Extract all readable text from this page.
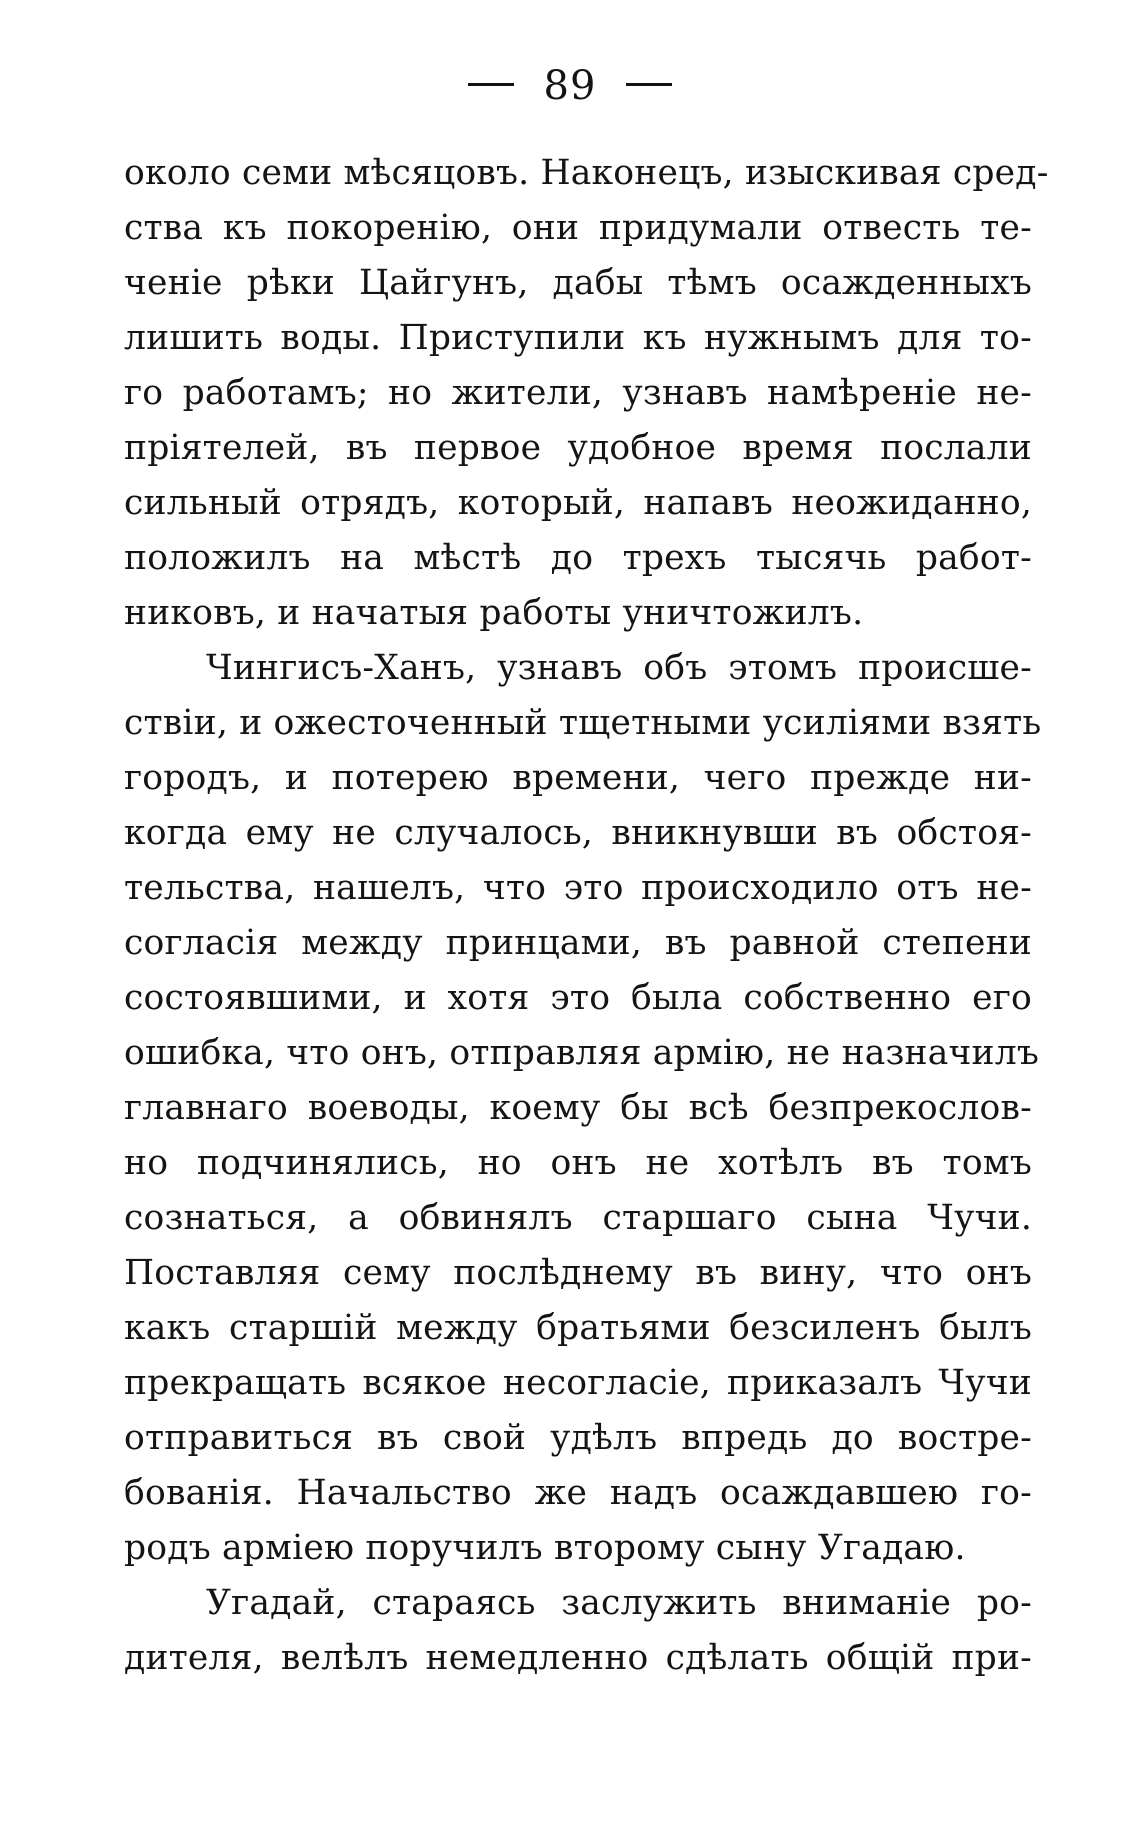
89
около семи мѣсяцовъ. Наконецъ, изыскивая сред-
ства къ покоренію, они придумали отвесть те-
ченіе рѣки Цайгунъ, дабы тѣмъ осажденныхъ
лишить воды. Приступили къ нужнымъ для то-
го работамъ; но жители, узнавъ намѣреніе не-
пріятелей, въ первое удобное время послали
сильный отрядъ, который, напавъ неожиданно,
положилъ на мѣстѣ до трехъ тысячь работ-
никовъ, и начатыя работы уничтожилъ.
Чингисъ-Ханъ, узнавъ объ этомъ происше-
ствіи, и ожесточенный тщетными усиліями взять
городъ, и потерею времени, чего прежде ни-
когда ему не случалось, вникнувши въ обстоя-
тельства, нашелъ, что это происходило отъ не-
согласія между принцами, въ равной степени
состоявшими, и хотя это была собственно его
ошибка, что онъ, отправляя армію, не назначилъ
главнаго воеводы, коему бы всѣ безпрекослов-
но подчинялись, но онъ не хотѣлъ въ томъ
сознаться, а обвинялъ старшаго сына Чучи.
Поставляя сему послѣднему въ вину, что онъ
какъ старшій между братьями безсиленъ былъ
прекращать всякое несогласіе, приказалъ Чучи
отправиться въ свой удѣлъ впредь до востре-
бованія. Начальство же надъ осаждавшею го-
родъ арміею поручилъ второму сыну Угадаю.
Угадай, стараясь заслужить вниманіе ро-
дителя, велѣлъ немедленно сдѣлать общій при-
